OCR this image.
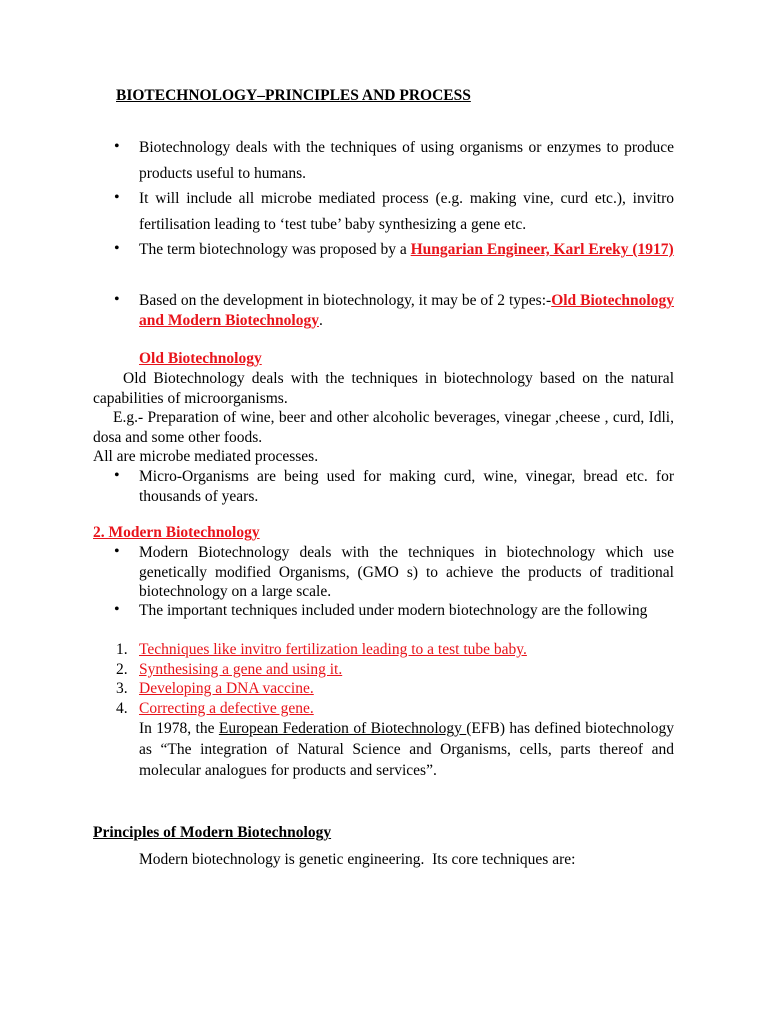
BIOTECHNOLOGY–PRINCIPLES AND PROCESS
•	Biotechnology deals with the techniques of using organisms or enzymes to produce products useful to humans.
•	It will include all microbe mediated process (e.g. making vine, curd etc.), invitro fertilisation leading to ‘test tube’ baby synthesizing a gene etc.
•	The term biotechnology was proposed by a Hungarian Engineer, Karl Ereky (1917)
•	Based on the development in biotechnology, it may be of 2 types:-Old Biotechnology and Modern Biotechnology.
Old Biotechnology
Old Biotechnology deals with the techniques in biotechnology based on the natural capabilities of microorganisms.
E.g.- Preparation of wine, beer and other alcoholic beverages, vinegar ,cheese , curd, Idli, dosa and some other foods.
All are microbe mediated processes.
•	Micro-Organisms are being used for making curd, wine, vinegar, bread etc. for thousands of years.
2. Modern Biotechnology
•	Modern Biotechnology deals with the techniques in biotechnology which use genetically modified Organisms, (GMO s) to achieve the products of traditional biotechnology on a large scale.
•	The important techniques included under modern biotechnology are the following
1. Techniques like invitro fertilization leading to a test tube baby.
2. Synthesising a gene and using it.
3. Developing a DNA vaccine.
4. Correcting a defective gene.
In 1978, the European Federation of Biotechnology (EFB) has defined biotechnology as “The integration of Natural Science and Organisms, cells, parts thereof and molecular analogues for products and services”.
Principles of Modern Biotechnology
Modern biotechnology is genetic engineering.  Its core techniques are:
